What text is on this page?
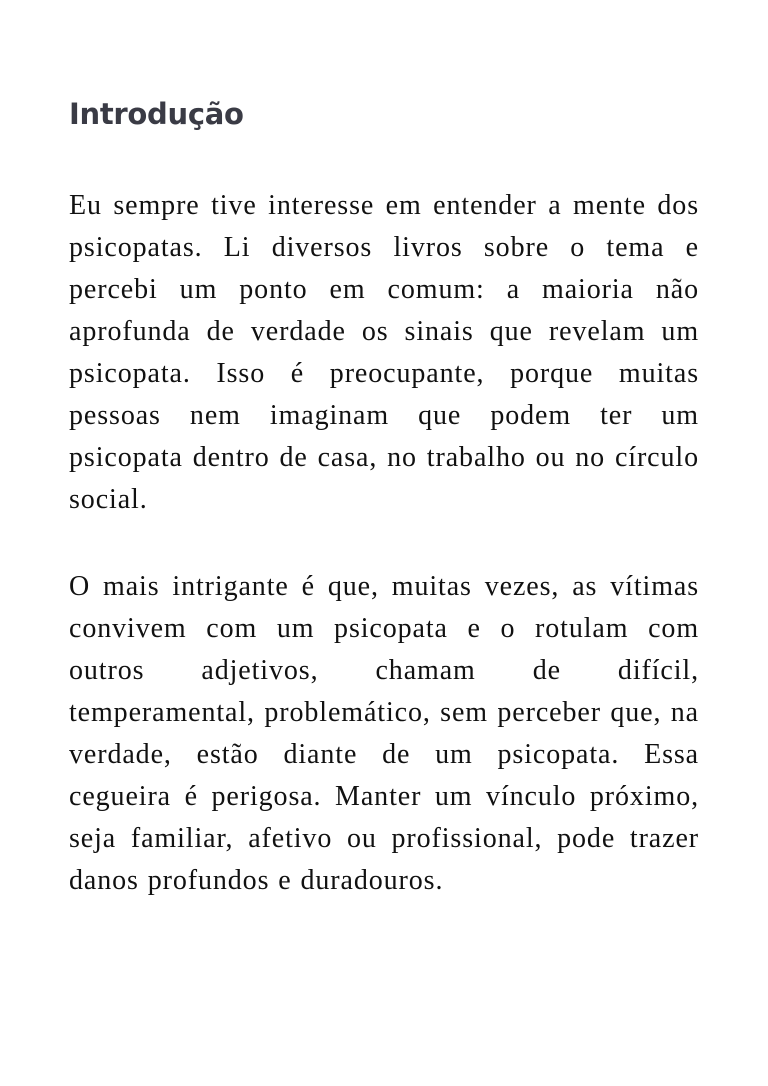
Introdução

Eu sempre tive interesse em entender a mente dos psicopatas. Li diversos livros sobre o tema e percebi um ponto em comum: a maioria não aprofunda de verdade os sinais que revelam um psicopata. Isso é preocupante, porque muitas pessoas nem imaginam que podem ter um psicopata dentro de casa, no trabalho ou no círculo social.

O mais intrigante é que, muitas vezes, as vítimas convivem com um psicopata e o rotulam com outros adjetivos, chamam de difícil, temperamental, problemático, sem perceber que, na verdade, estão diante de um psicopata. Essa cegueira é perigosa. Manter um vínculo próximo, seja familiar, afetivo ou profissional, pode trazer danos profundos e duradouros.
